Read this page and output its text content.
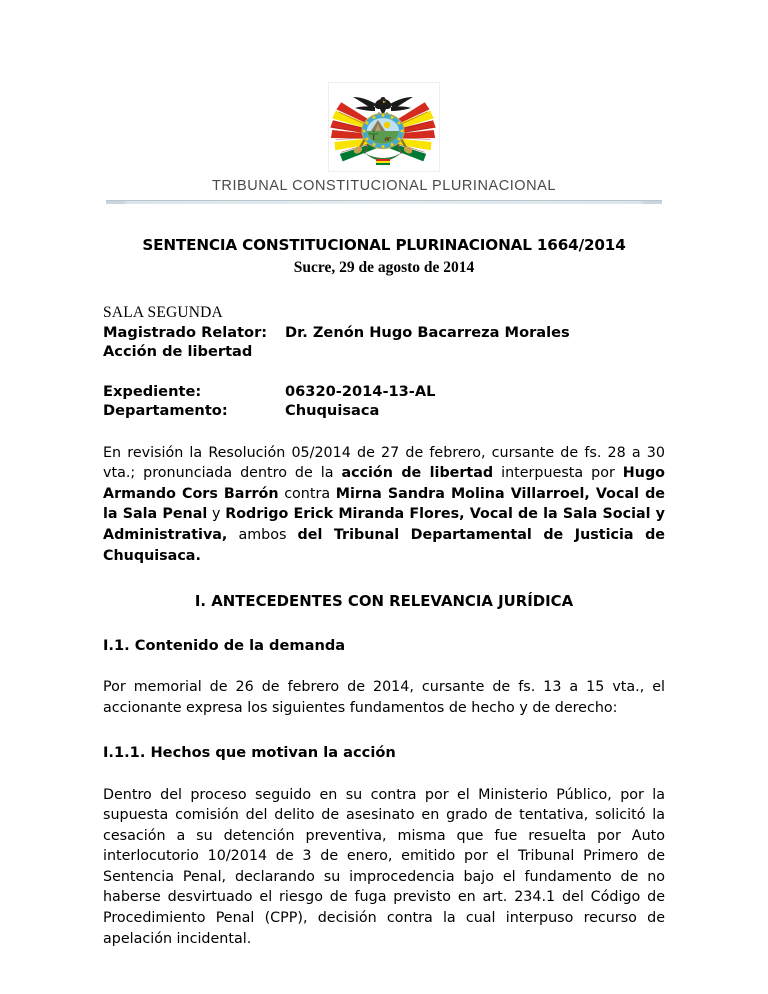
TRIBUNAL CONSTITUCIONAL PLURINACIONAL
SENTENCIA CONSTITUCIONAL PLURINACIONAL 1664/2014
Sucre, 29 de agosto de 2014
SALA SEGUNDA
Magistrado Relator:	Dr. Zenón Hugo Bacarreza Morales
Acción de libertad
Expediente:	06320-2014-13-AL
Departamento:	Chuquisaca

En revisión la Resolución 05/2014 de 27 de febrero, cursante de fs. 28 a 30 vta.; pronunciada dentro de la acción de libertad interpuesta por Hugo Armando Cors Barrón contra Mirna Sandra Molina Villarroel, Vocal de la Sala Penal y Rodrigo Erick Miranda Flores, Vocal de la Sala Social y Administrativa, ambos del Tribunal Departamental de Justicia de Chuquisaca.

I. ANTECEDENTES CON RELEVANCIA JURÍDICA
I.1. Contenido de la demanda

Por memorial de 26 de febrero de 2014, cursante de fs. 13 a 15 vta., el accionante expresa los siguientes fundamentos de hecho y de derecho:

I.1.1. Hechos que motivan la acción

Dentro del proceso seguido en su contra por el Ministerio Público, por la supuesta comisión del delito de asesinato en grado de tentativa, solicitó la cesación a su detención preventiva, misma que fue resuelta por Auto interlocutorio 10/2014 de 3 de enero, emitido por el Tribunal Primero de Sentencia Penal, declarando su improcedencia bajo el fundamento de no haberse desvirtuado el riesgo de fuga previsto en art. 234.1 del Código de Procedimiento Penal (CPP), decisión contra la cual interpuso recurso de apelación incidental.
